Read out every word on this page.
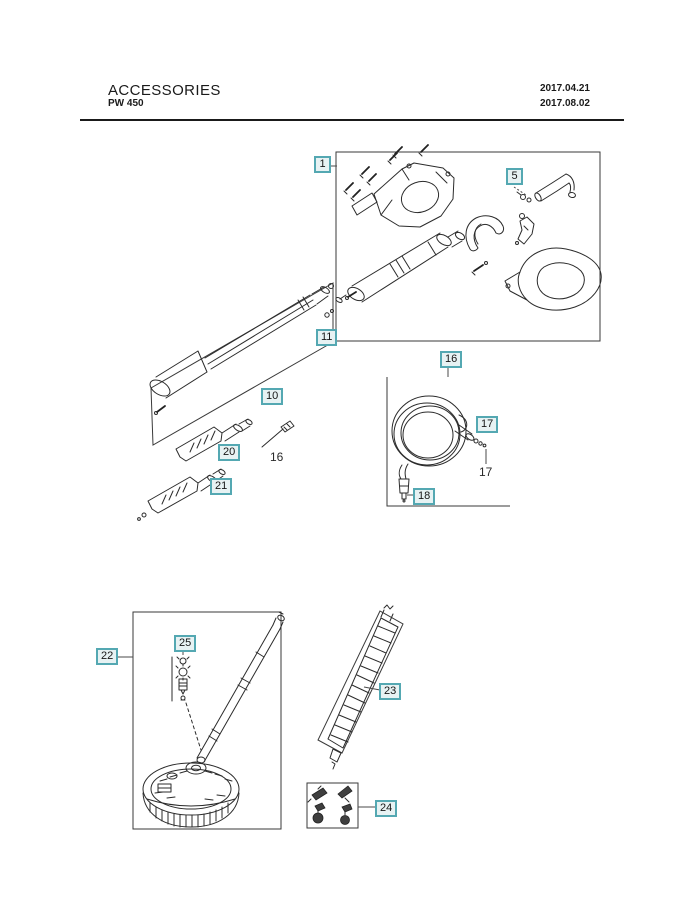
ACCESSORIES
PW 450
2017.04.21
2017.08.02
1
5
11
10
20
21
16
17
18
22
25
23
24
16
17
